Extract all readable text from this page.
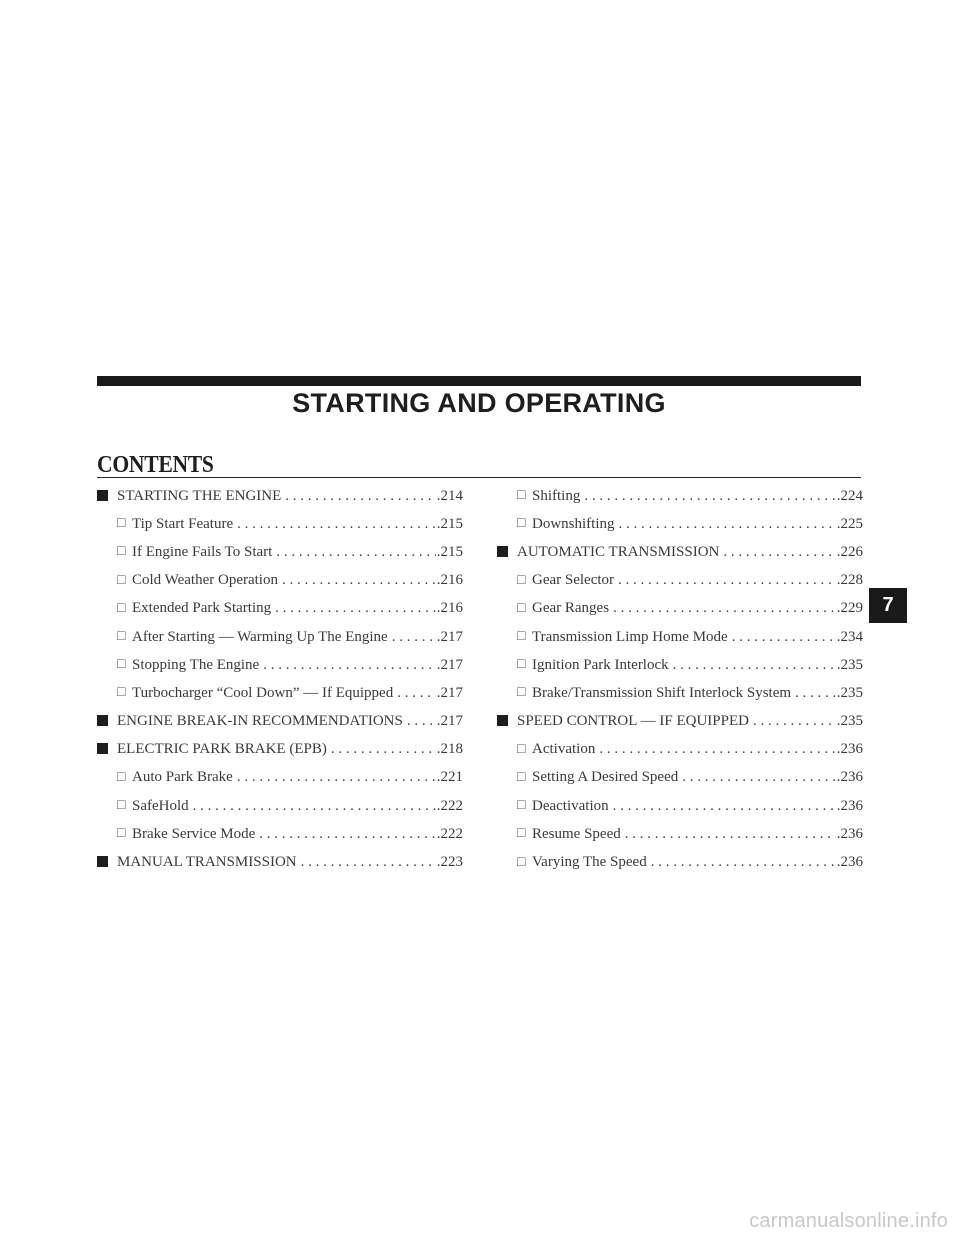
STARTING AND OPERATING
CONTENTS
STARTING THE ENGINE . . .	.214
□
Tip Start Feature . . .	.215
□
If Engine Fails To Start . . .	.215
□
Cold Weather Operation . . .	.216
□
Extended Park Starting . . .	.216
□
After Starting — Warming Up The Engine . . .	.217
□
Stopping The Engine . . .	.217
□
Turbocharger “Cool Down” — If Equipped . . .	.217
ENGINE BREAK-IN RECOMMENDATIONS . . . .217
ELECTRIC PARK BRAKE (EPB) . . .	.218
□
Auto Park Brake . . .	.221
□
SafeHold . . .	.222
□
Brake Service Mode . . .	.222
MANUAL TRANSMISSION . . .	.223
□
Shifting . . .	.224
□
Downshifting . . .	.225
AUTOMATIC TRANSMISSION . . .	.226
□
Gear Selector . . .	.228
□
Gear Ranges . . .	.229
□
Transmission Limp Home Mode . . .	.234
□
Ignition Park Interlock . . .	.235
□
Brake/Transmission Shift Interlock System . . .	.235
SPEED CONTROL — IF EQUIPPED . . .	.235
□
Activation . . .	.236
□
Setting A Desired Speed . . .	.236
□
Deactivation . . .	.236
□
Resume Speed . . .	.236
□
Varying The Speed . . .	.236
7
carmanualsonline.info
